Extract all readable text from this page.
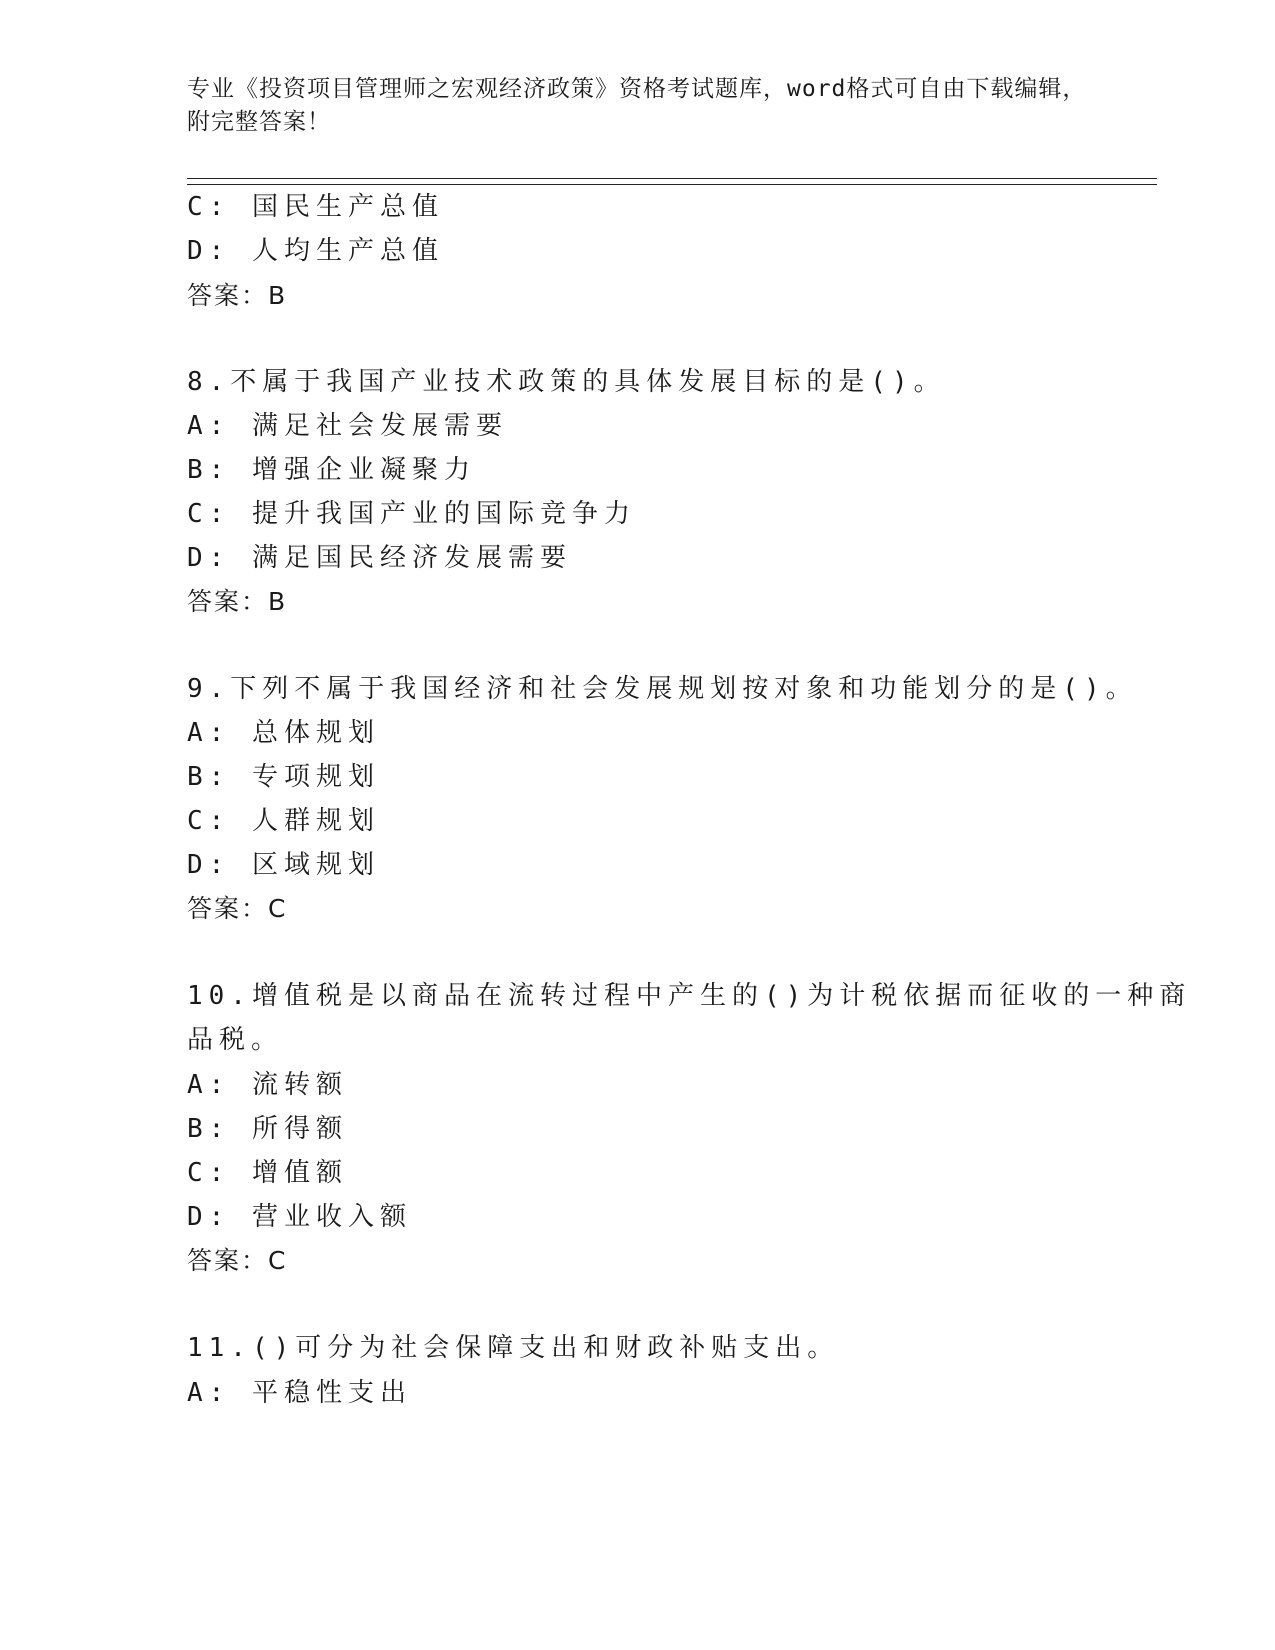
专业《投资项目管理师之宏观经济政策》资格考试题库，word格式可自由下载编辑，附完整答案！
C: 国民生产总值
D: 人均生产总值
答案：B
8.不属于我国产业技术政策的具体发展目标的是()。
A: 满足社会发展需要
B: 增强企业凝聚力
C: 提升我国产业的国际竞争力
D: 满足国民经济发展需要
答案：B
9.下列不属于我国经济和社会发展规划按对象和功能划分的是()。
A: 总体规划
B: 专项规划
C: 人群规划
D: 区域规划
答案：C
10.增值税是以商品在流转过程中产生的()为计税依据而征收的一种商
品税。
A: 流转额
B: 所得额
C: 增值额
D: 营业收入额
答案：C
11.()可分为社会保障支出和财政补贴支出。
A: 平稳性支出
